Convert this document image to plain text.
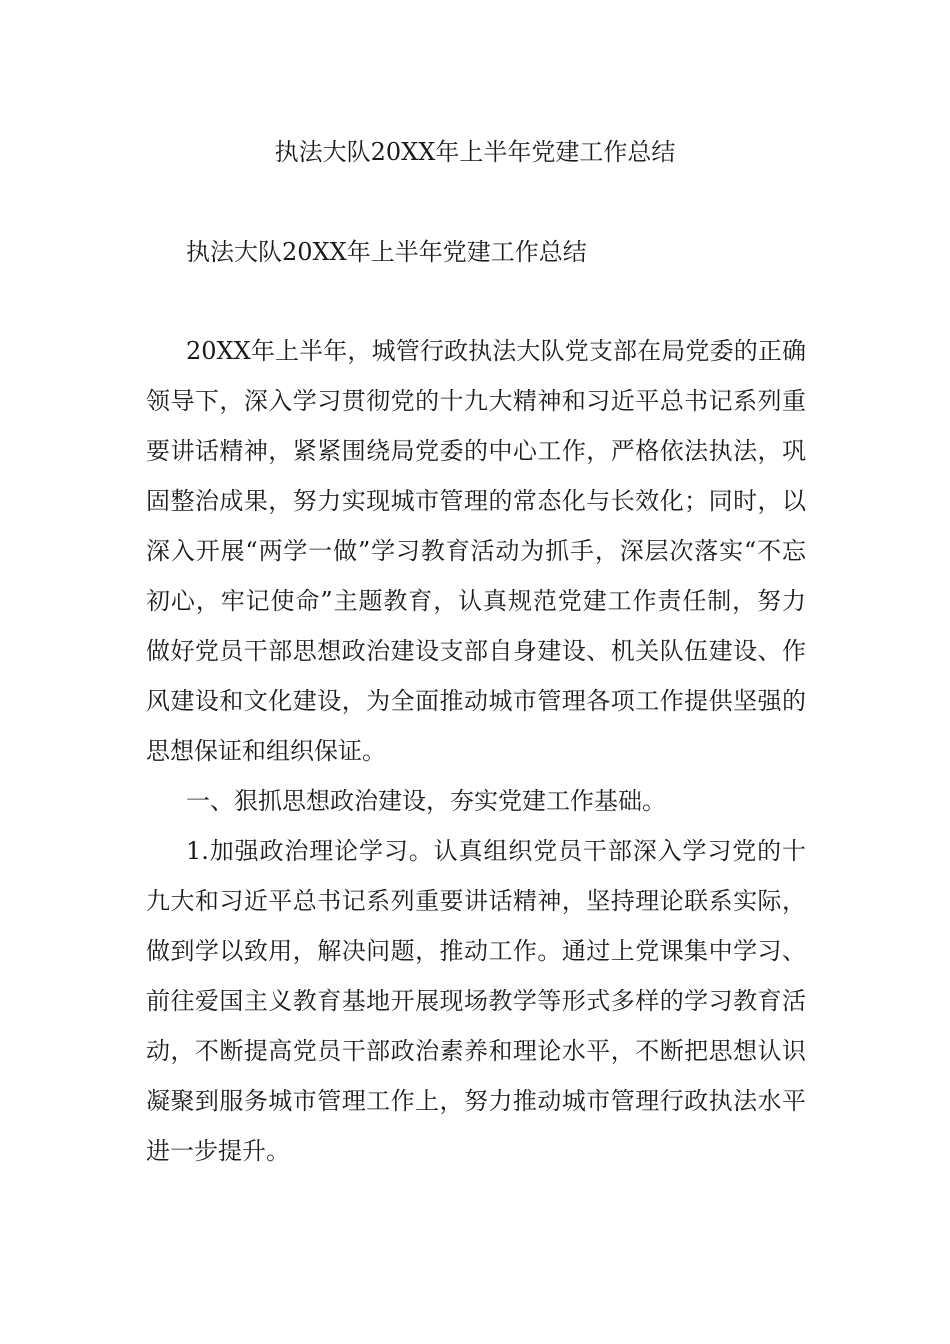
执法大队20XX年上半年党建工作总结
执法大队20XX年上半年党建工作总结

20XX年上半年，城管行政执法大队党支部在局党委的正确领导下，深入学习贯彻党的十九大精神和习近平总书记系列重要讲话精神，紧紧围绕局党委的中心工作，严格依法执法，巩固整治成果，努力实现城市管理的常态化与长效化；同时，以深入开展“两学一做”学习教育活动为抓手，深层次落实“不忘初心，牢记使命”主题教育，认真规范党建工作责任制，努力做好党员干部思想政治建设支部自身建设、机关队伍建设、作风建设和文化建设，为全面推动城市管理各项工作提供坚强的思想保证和组织保证。

一、狠抓思想政治建设，夯实党建工作基础。

1.加强政治理论学习。认真组织党员干部深入学习党的十九大和习近平总书记系列重要讲话精神，坚持理论联系实际，做到学以致用，解决问题，推动工作。通过上党课集中学习、前往爱国主义教育基地开展现场教学等形式多样的学习教育活动，不断提高党员干部政治素养和理论水平，不断把思想认识凝聚到服务城市管理工作上，努力推动城市管理行政执法水平进一步提升。
